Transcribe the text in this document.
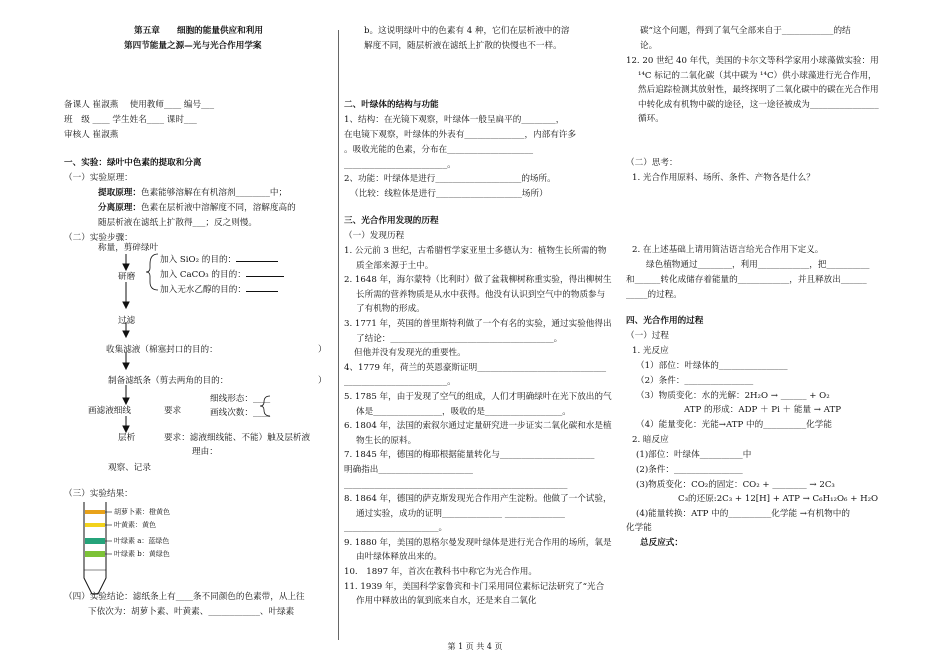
第五章　　细胞的能量供应和利用
第四节能量之源—光与光合作用学案
备课人 崔淑燕　 使用教师____ 编号___
班　级 ____ 学生姓名____ 课时___
审核人 崔淑燕
一、实验：绿叶中色素的提取和分离
（一）实验原理：
提取原理：色素能够溶解在有机溶剂________中；
分离原理：色素在层析液中溶解度不同，溶解度高的
随层析液在滤纸上扩散得___；反之则慢。
（二）实验步骤：
称量，剪碎绿叶
研磨
加入 SiO₂ 的目的：
加入 CaCO₃ 的目的：
加入无水乙醇的目的：
过滤
收集滤液（棉塞封口的目的：	）
制备滤纸条（剪去两角的目的：	）
画滤液细线	要求
细线形态：____
画线次数：____
层析	要求：滤液细线能、不能）触及层析液
理由：
观察、记录
（三）实验结果：
胡萝卜素：橙黄色
叶黄素：黄色
叶绿素 a：蓝绿色
叶绿素 b：黄绿色
（四）实验结论：滤纸条上有____条不同颜色的色素带，从上往
下依次为：胡萝卜素、叶黄素、____________、叶绿素
b。这说明绿叶中的色素有 4 种，它们在层析液中的溶
解度不同，随层析液在滤纸上扩散的快慢也不一样。
二、叶绿体的结构与功能
1、结构：在光镜下观察，叶绿体一般呈扁平的________，
在电镜下观察，叶绿体的外表有______________，内部有许多
。吸收光能的色素，分布在____________________
________________________。
2、功能：叶绿体是进行____________________的场所。
（比较：线粒体是进行____________________场所）
三、光合作用发现的历程
（一）发现历程

1. 公元前 3 世纪，古希腊哲学家亚里士多德认为：植物生长所需的物质全部来源于土中。

2. 1648 年，海尔蒙特（比利时）做了盆栽柳树称重实验，得出柳树生长所需的营养物质是从水中获得。他没有认识到空气中的物质参与了有机物的形成。

3. 1771 年，英国的普里斯特利做了一个有名的实验，通过实验他得出了结论：______________________________________。

但他并没有发现光的重要性。

4、1779 年，荷兰的英恩豪斯证明______________________________

________________________。

5. 1785 年，由于发现了空气的组成，人们才明确绿叶在光下放出的气体是________________，吸收的是__________________。

6. 1804 年，法国的索叙尔通过定量研究进一步证实二氧化碳和水是植物生长的原料。

7. 1845 年，德国的梅耶根据能量转化与______________________

明确指出______________________

____________________________________________________

8. 1864 年，德国的萨克斯发现光合作用产生淀粉。他做了一个试验，通过实验，成功的证明______________ ______________

______________________。

9. 1880 年，美国的恩格尔曼发现叶绿体是进行光合作用的场所，氧是由叶绿体释放出来的。

10.　1897 年，首次在教科书中称它为光合作用。

11. 1939 年，美国科学家鲁宾和卡门采用同位素标记法研究了“光合作用中释放出的氧到底来自水，还是来自二氧化

碳”这个问题，得到了氧气全部来自于____________的结
论。

12. 20 世纪 40 年代，美国的卡尔文等科学家用小球藻做实验：用 ¹⁴C 标记的二氧化碳（其中碳为 ¹⁴C）供小球藻进行光合作用，然后追踪检测其放射性，最终探明了二氧化碳中的碳在光合作用中转化成有机物中碳的途径，这一途径被成为________________循环。

（二）思考：
1. 光合作用原料、场所、条件、产物各是什么？
2. 在上述基础上请用简洁语言给光合作用下定义。
绿色植物通过________，利用____________，把__________
和______转化成储存着能量的____________，并且释放出______
_____的过程。
四、光合作用的过程
（一）过程
1. 光反应
（1）部位：叶绿体的________________
（2）条件：________________
（3）物质变化：水的光解：2H₂O → ______ + O₂
ATP 的形成：ADP ＋ Pi ＋ 能量 → ATP
（4）能量变化：光能→ATP 中的__________化学能
2. 暗反应
(1)部位：叶绿体__________中
(2)条件：________________
(3)物质变化：CO₂的固定：CO₂ + ________ → 2C₃
C₃的还原:2C₃ + 12[H] + ATP → C₆H₁₂O₆ + H₂O
(4)能量转换：ATP 中的__________化学能 →有机物中的
化学能
总反应式：
第 1 页 共 4 页
